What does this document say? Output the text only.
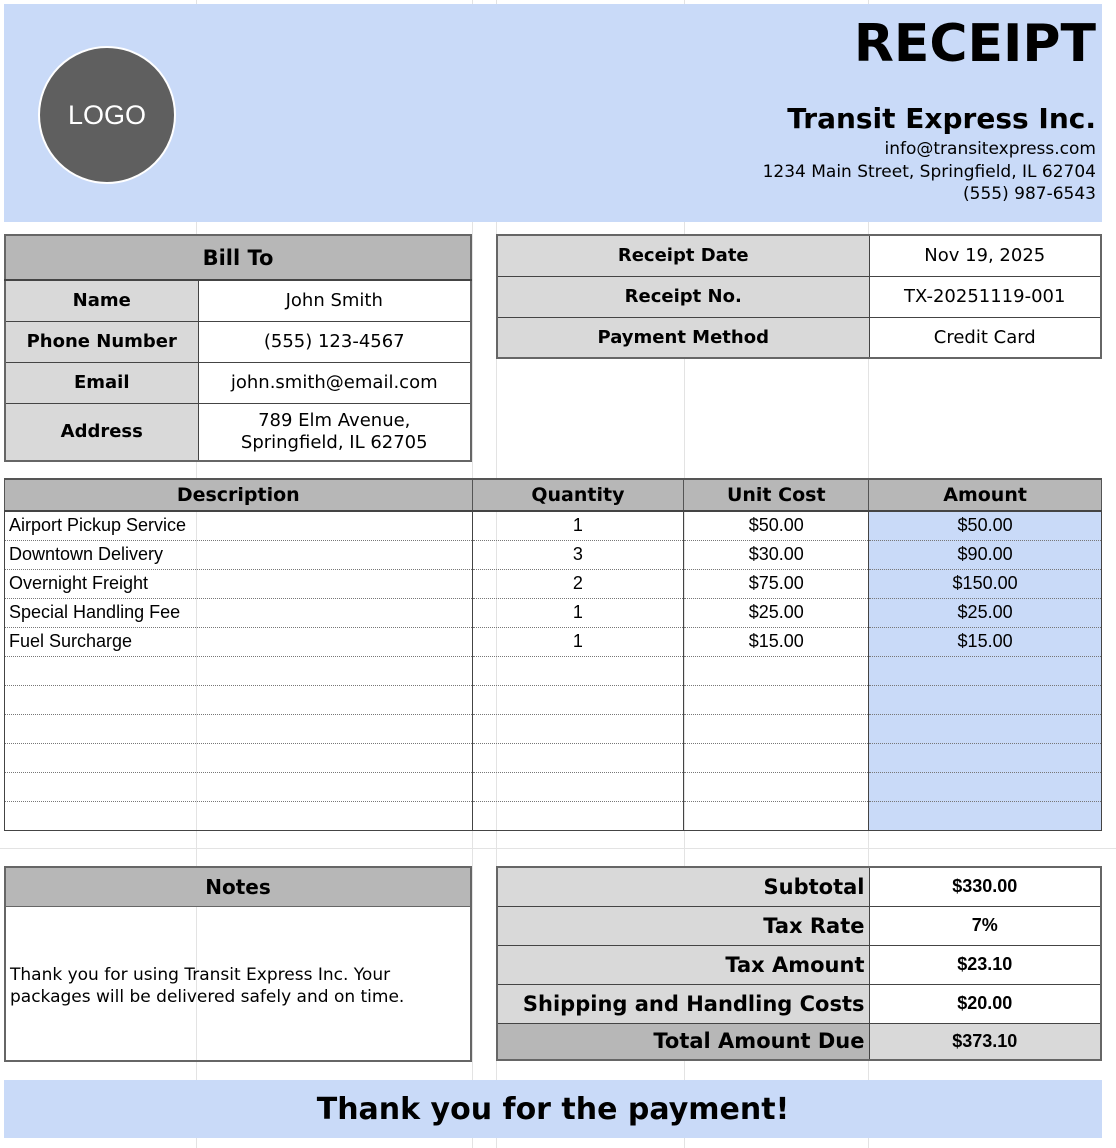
LOGO
RECEIPT
Transit Express Inc.
info@transitexpress.com
1234 Main Street, Springfield, IL 62704
(555) 987-6543
Bill To	
Name	John Smith
Phone Number	(555) 123-4567
Email	john.smith@email.com
Address	789 Elm Avenue, Springfield, IL 62705
Receipt Date	Nov 19, 2025
Receipt No.	TX-20251119-001
Payment Method	Credit Card
Description	Quantity	Unit Cost	Amount
Airport Pickup Service	1	$50.00	$50.00
Downtown Delivery	3	$30.00	$90.00
Overnight Freight	2	$75.00	$150.00
Special Handling Fee	1	$25.00	$25.00
Fuel Surcharge	1	$15.00	$15.00

Notes
Thank you for using Transit Express Inc. Your packages will be delivered safely and on time.
Subtotal	$330.00
Tax Rate	7%
Tax Amount	$23.10
Shipping and Handling Costs	$20.00
Total Amount Due	$373.10
Thank you for the payment!
